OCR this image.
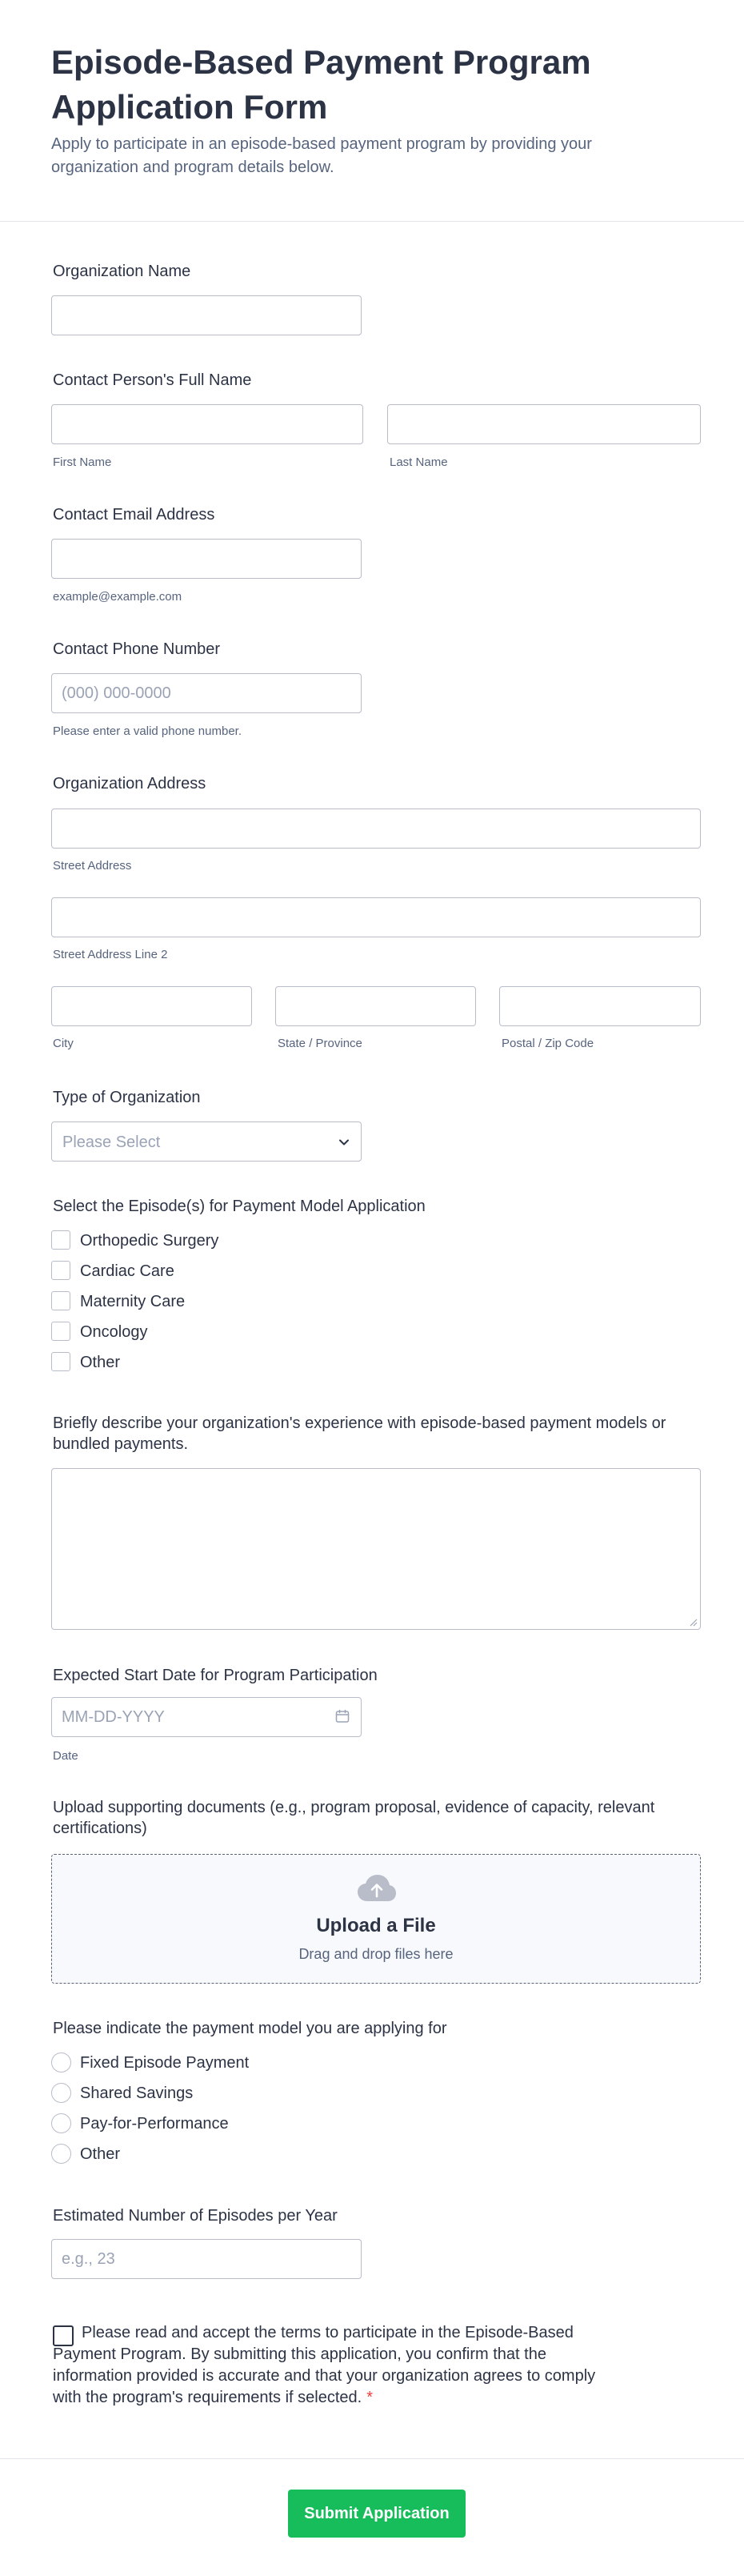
Episode-Based Payment Program Application Form

Apply to participate in an episode-based payment program by providing your organization and program details below.

Organization Name
Contact Person's Full Name
First Name	Last Name
Contact Email Address
example@example.com
Contact Phone Number
(000) 000-0000
Please enter a valid phone number.
Organization Address
Street Address
Street Address Line 2
City	State / Province	Postal / Zip Code
Type of Organization
Please Select
Select the Episode(s) for Payment Model Application
Orthopedic Surgery
Cardiac Care
Maternity Care
Oncology
Other
Briefly describe your organization's experience with episode-based payment models or bundled payments.
Expected Start Date for Program Participation
MM-DD-YYYY
Date
Upload supporting documents (e.g., program proposal, evidence of capacity, relevant certifications)
Upload a File
Drag and drop files here
Please indicate the payment model you are applying for
Fixed Episode Payment
Shared Savings
Pay-for-Performance
Other
Estimated Number of Episodes per Year
e.g., 23

Please read and accept the terms to participate in the Episode-Based Payment Program. By submitting this application, you confirm that the information provided is accurate and that your organization agrees to comply with the program's requirements if selected. *

Submit Application
